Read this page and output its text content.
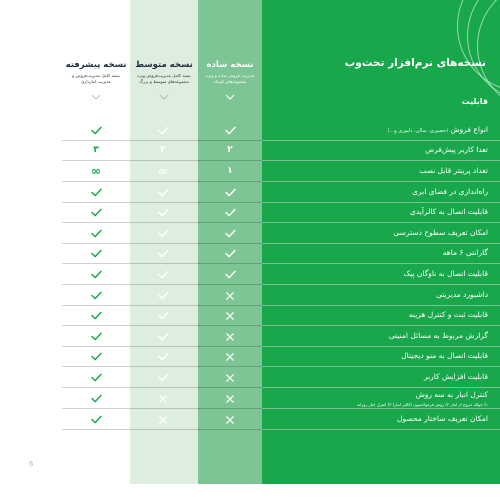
نسخه پیشرفته
بسته کامل مدیریت‌فروش و مدیریت انبارداری
نسخه متوسط
بسته کامل مدیریت‌فروش ویژه مجموعه‌های متوسط و بزرگ
نسخه ساده
مدیریت فروش ساده‌ و ویژه مجموعه‌های کوچک
نسخه‌های نرم‌افزار تحت‌وب
قابلیت
انواع فروش (حضوری، سالن، دلیوری و...)
تعدا کاربر پیش‌فرض
۲
۲
۳
تعداد پرینتر قابل نصب
۱
∞
∞
راه‌اندازی در فضای ابری
قابلیت اتصال به کالرآیدی
امکان تعریف سطوح دسترسی
گارانتی ۶ ماهه
قابلیت اتصال به ناوگان پیک
داشبورد مدیریتی
قابلیت ثبت و کنترل هزینه
گزارش مربوط به مسائل امنیتی
قابلیت اتصال به منو دیجیتال
قابلیت افزایش کاربر
کنترل انبار به سه روش
۱) خواله خروج از انبار ۲) روش فرمولاسیون (کالبر انبار) ۳) کنترل انبار روزانه
امکان تعریف ساختار محصول
6
